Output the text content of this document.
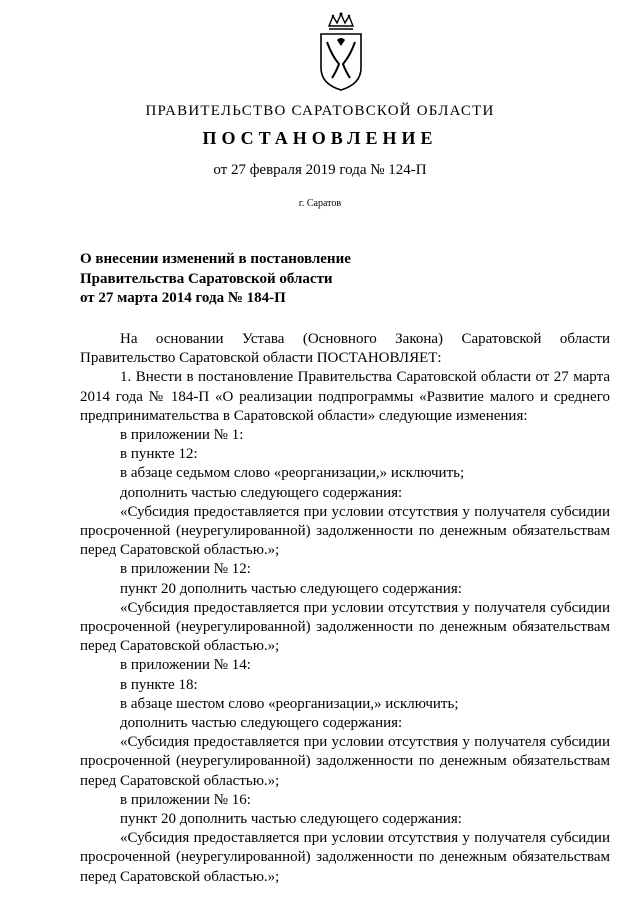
ПРАВИТЕЛЬСТВО САРАТОВСКОЙ ОБЛАСТИ
ПОСТАНОВЛЕНИЕ
от 27 февраля 2019 года № 124-П
г. Саратов
О внесении изменений в постановление
Правительства Саратовской области
от 27 марта 2014 года № 184-П

На основании Устава (Основного Закона) Саратовской области Правительство Саратовской области ПОСТАНОВЛЯЕТ:

1. Внести в постановление Правительства Саратовской области от 27 марта 2014 года № 184-П «О реализации подпрограммы «Развитие малого и среднего предпринимательства в Саратовской области» следующие изменения:

в приложении № 1:

в пункте 12:

в абзаце седьмом слово «реорганизации,» исключить;

дополнить частью следующего содержания:

«Субсидия предоставляется при условии отсутствия у получателя субсидии просроченной (неурегулированной) задолженности по денежным обязательствам перед Саратовской областью.»;

в приложении № 12:

пункт 20 дополнить частью следующего содержания:

«Субсидия предоставляется при условии отсутствия у получателя субсидии просроченной (неурегулированной) задолженности по денежным обязательствам перед Саратовской областью.»;

в приложении № 14:

в пункте 18:

в абзаце шестом слово «реорганизации,» исключить;

дополнить частью следующего содержания:

«Субсидия предоставляется при условии отсутствия у получателя субсидии просроченной (неурегулированной) задолженности по денежным обязательствам перед Саратовской областью.»;

в приложении № 16:

пункт 20 дополнить частью следующего содержания:

«Субсидия предоставляется при условии отсутствия у получателя субсидии просроченной (неурегулированной) задолженности по денежным обязательствам перед Саратовской областью.»;
